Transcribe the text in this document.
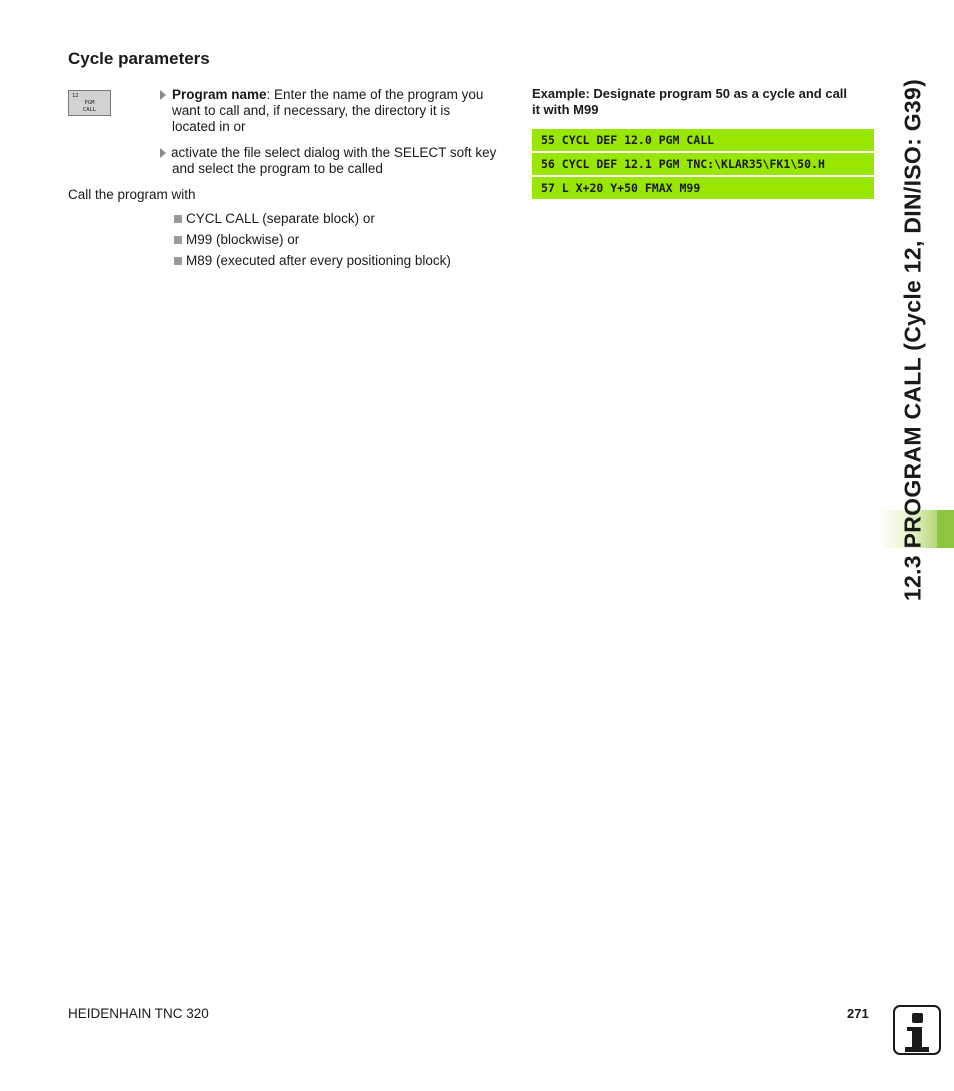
Cycle parameters
12
PGM
CALL
Program name: Enter the name of the program you
want to call and, if necessary, the directory it is
located in or
activate the file select dialog with the SELECT soft key
and select the program to be called
Call the program with
CYCL CALL (separate block) or
M99 (blockwise) or
M89 (executed after every positioning block)
Example: Designate program 50 as a cycle and call
it with M99
55 CYCL DEF 12.0 PGM CALL
56 CYCL DEF 12.1 PGM TNC:\KLAR35\FK1\50.H
57 L X+20 Y+50 FMAX M99	12.3 PROGRAM CALL (Cycle 12, DIN/ISO: G39)
HEIDENHAIN TNC 320	271
